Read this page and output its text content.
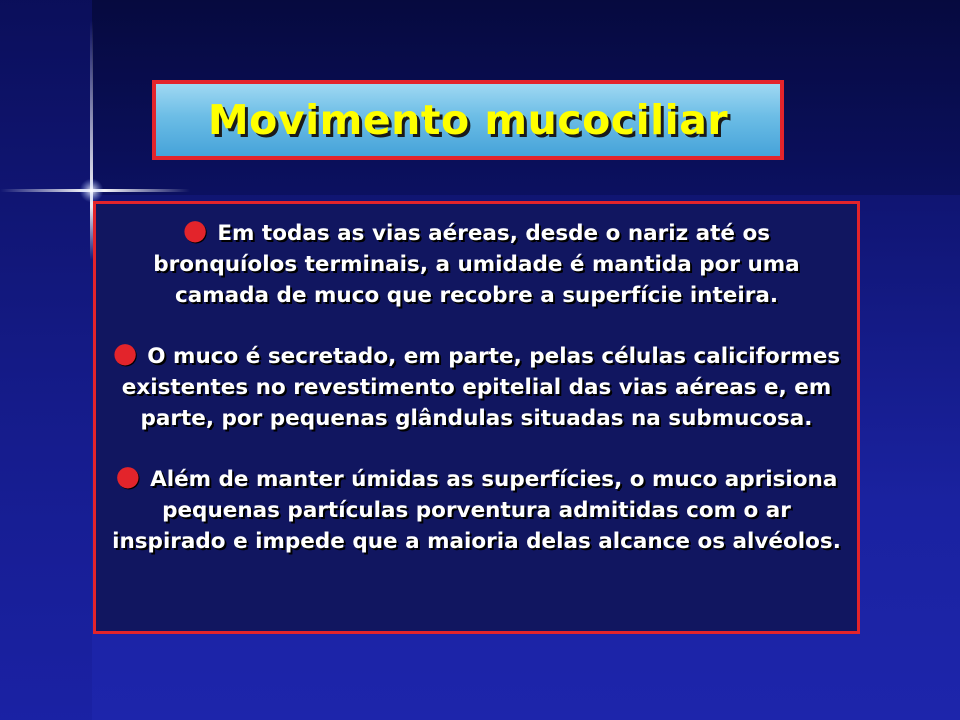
Movimento mucociliar

● Em todas as vias aéreas, desde o nariz até os bronquíolos terminais, a umidade é mantida por uma camada de muco que recobre a superfície inteira.

● O muco é secretado, em parte, pelas células caliciformes existentes no revestimento epitelial das vias aéreas e, em parte, por pequenas glândulas situadas na submucosa.

● Além de manter úmidas as superfícies, o muco aprisiona pequenas partículas porventura admitidas com o ar inspirado e impede que a maioria delas alcance os alvéolos.
